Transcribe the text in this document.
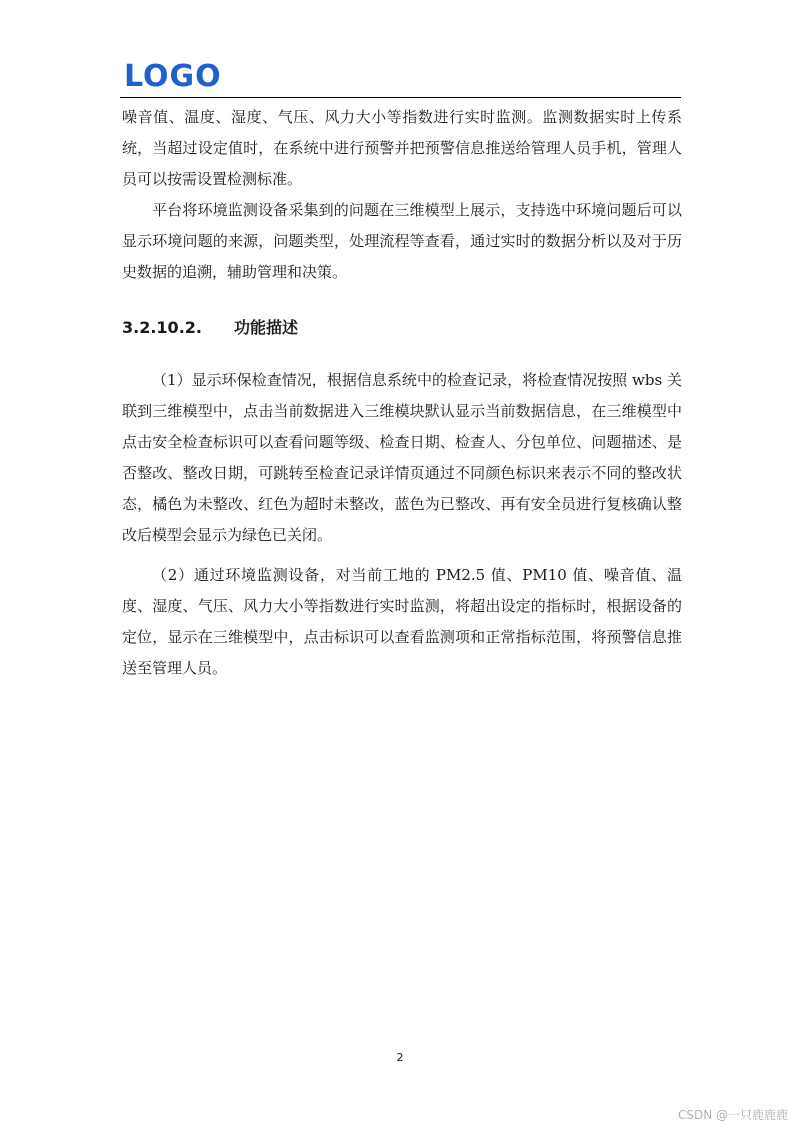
LOGO

噪音值、温度、湿度、气压、风力大小等指数进行实时监测。监测数据实时上传系统，当超过设定值时，在系统中进行预警并把预警信息推送给管理人员手机，管理人员可以按需设置检测标准。

平台将环境监测设备采集到的问题在三维模型上展示，支持选中环境问题后可以显示环境问题的来源，问题类型，处理流程等查看，通过实时的数据分析以及对于历史数据的追溯，辅助管理和决策。

3.2.10.2. 功能描述

（1）显示环保检查情况，根据信息系统中的检查记录，将检查情况按照 wbs 关联到三维模型中，点击当前数据进入三维模块默认显示当前数据信息，在三维模型中点击安全检查标识可以查看问题等级、检查日期、检查人、分包单位、问题描述、是否整改、整改日期，可跳转至检查记录详情页通过不同颜色标识来表示不同的整改状态，橘色为未整改、红色为超时未整改，蓝色为已整改、再有安全员进行复核确认整改后模型会显示为绿色已关闭。

（2）通过环境监测设备，对当前工地的 PM2.5 值、PM10 值、噪音值、温度、湿度、气压、风力大小等指数进行实时监测，将超出设定的指标时，根据设备的定位，显示在三维模型中，点击标识可以查看监测项和正常指标范围，将预警信息推送至管理人员。

2
CSDN @一只鹿鹿鹿
